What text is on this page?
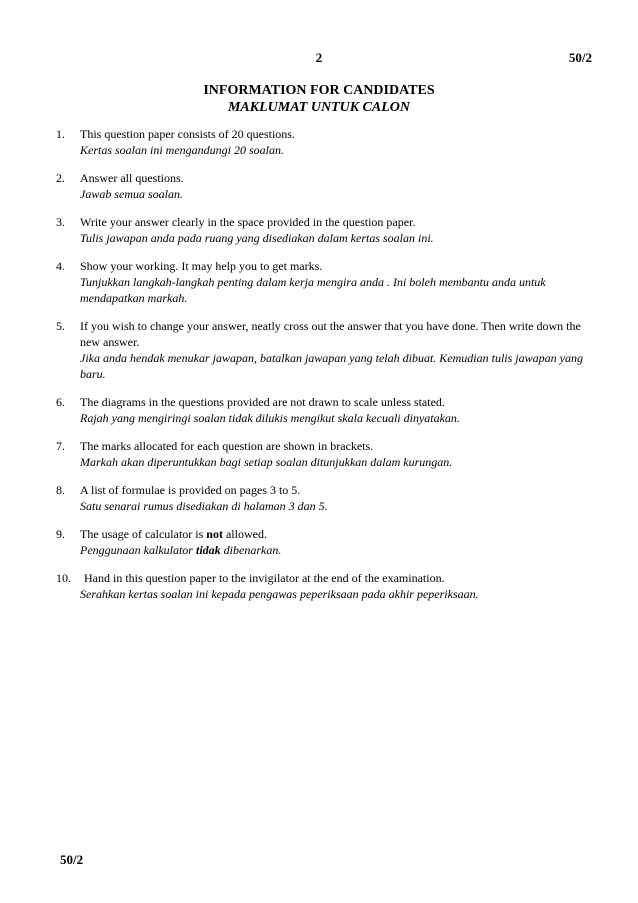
2	50/2
INFORMATION FOR CANDIDATES
MAKLUMAT UNTUK CALON
1. This question paper consists of 20 questions.
Kertas soalan ini mengandungi 20 soalan.
2. Answer all questions.
Jawab semua soalan.
3. Write your answer clearly in the space provided in the question paper.
Tulis jawapan anda pada ruang yang disediakan dalam kertas soalan ini.
4. Show your working. It may help you to get marks.
Tunjukkan langkah-langkah penting dalam kerja mengira anda . Ini boleh membantu anda untuk mendapatkan markah.
5. If you wish to change your answer, neatly cross out the answer that you have done. Then write down the new answer.
Jika anda hendak menukar jawapan, batalkan jawapan yang telah dibuat. Kemudian tulis jawapan yang baru.
6. The diagrams in the questions provided are not drawn to scale unless stated.
Rajah yang mengiringi soalan tidak dilukis mengikut skala kecuali dinyatakan.
7. The marks allocated for each question are shown in brackets.
Markah akan diperuntukkan bagi setiap soalan ditunjukkan dalam kurungan.
8. A list of formulae is provided on pages 3 to 5.
Satu senarai rumus disediakan di halaman 3 dan 5.
9. The usage of calculator is not allowed.
Penggunaan kalkulator tidak dibenarkan.
10.	Hand in this question paper to the invigilator at the end of the examination.
Serahkan kertas soalan ini kepada pengawas peperiksaan pada akhir peperiksaan.
50/2
